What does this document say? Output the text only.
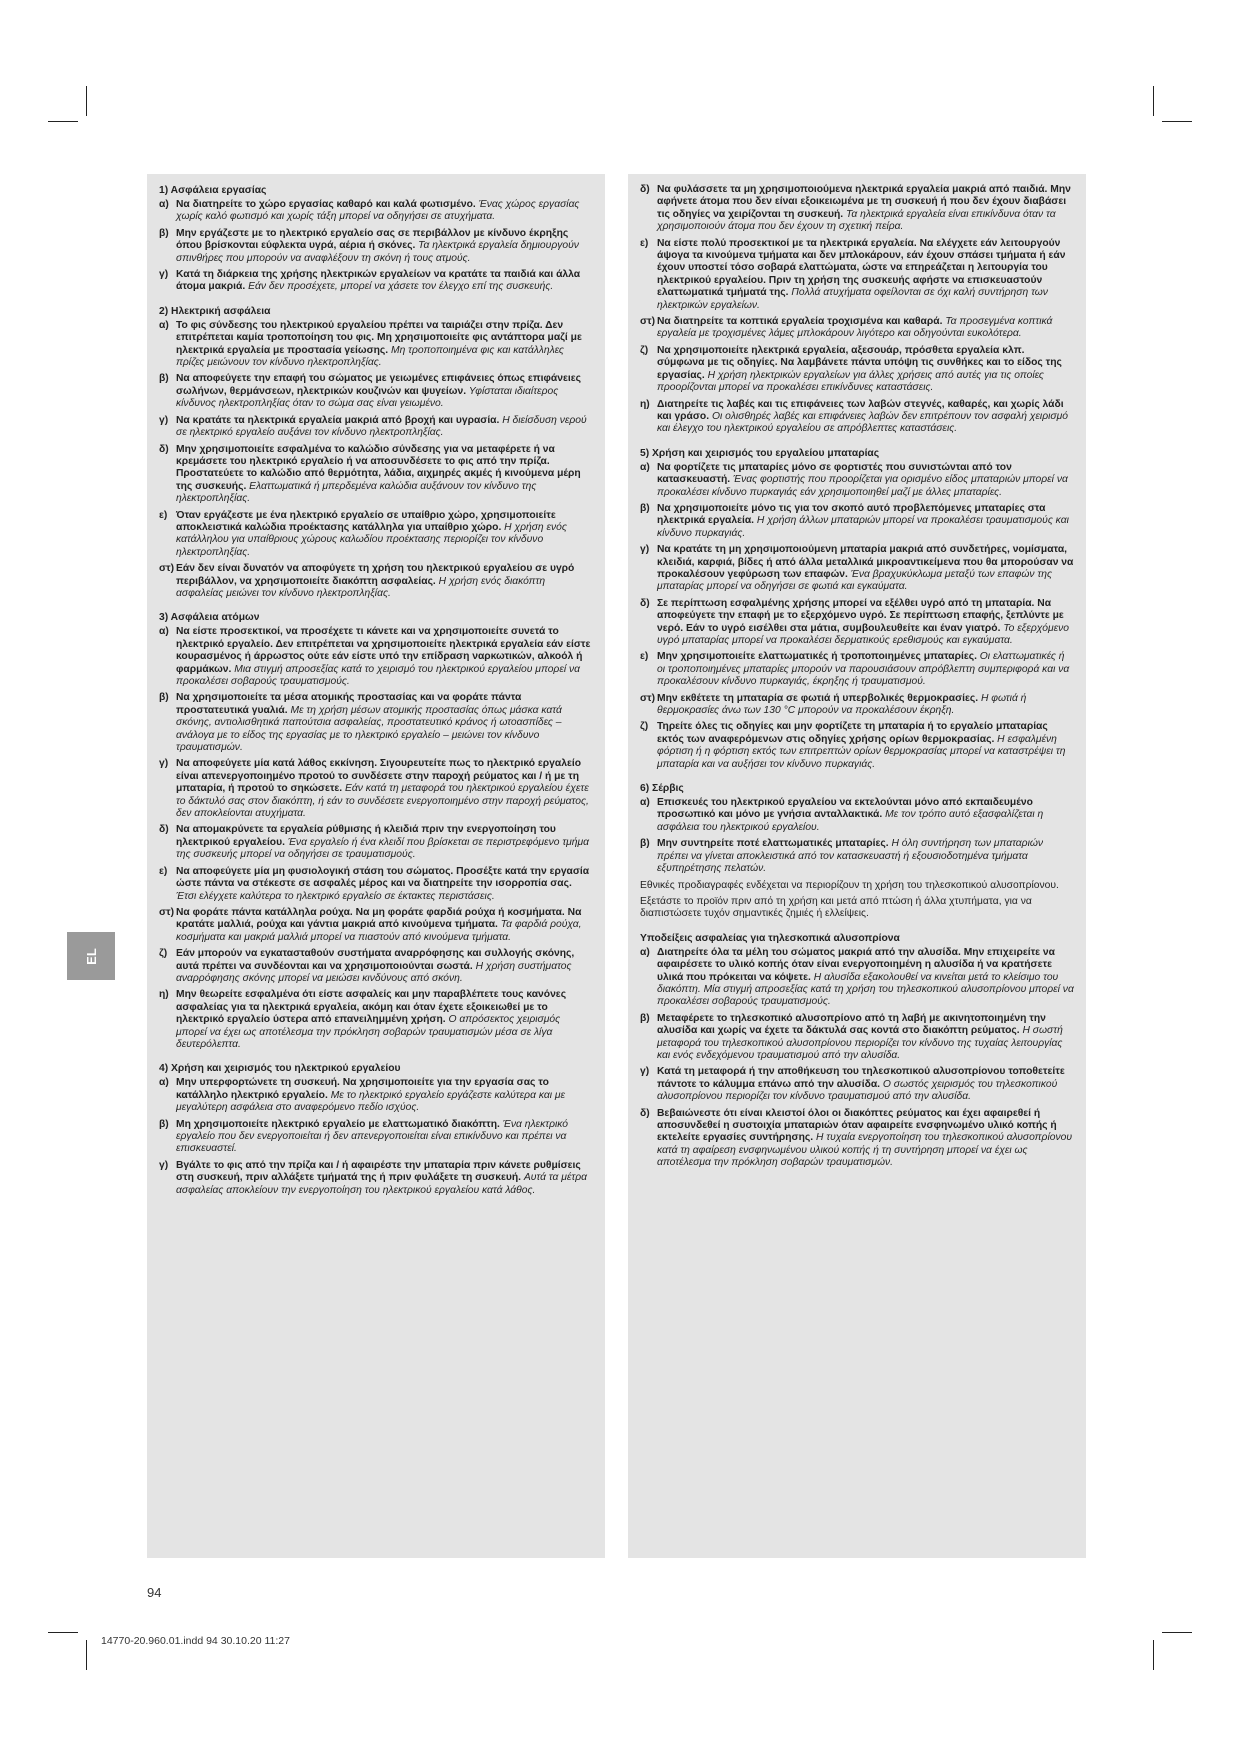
EL
1) Ασφάλεια εργασίας
α) Να διατηρείτε το χώρο εργασίας καθαρό και καλά φωτισμένο. Ένας χώρος εργασίας χωρίς καλό φωτισμό και χωρίς τάξη μπορεί να οδηγήσει σε ατυχήματα.
β) Μην εργάζεστε με το ηλεκτρικό εργαλείο σας σε περιβάλλον με κίνδυνο έκρηξης όπου βρίσκονται εύφλεκτα υγρά, αέρια ή σκόνες. Τα ηλεκτρικά εργαλεία δημιουργούν σπινθήρες που μπορούν να αναφλέξουν τη σκόνη ή τους ατμούς.
γ) Κατά τη διάρκεια της χρήσης ηλεκτρικών εργαλείων να κρατάτε τα παιδιά και άλλα άτομα μακριά. Εάν δεν προσέχετε, μπορεί να χάσετε τον έλεγχο επί της συσκευής.
2) Ηλεκτρική ασφάλεια
α) Το φις σύνδεσης του ηλεκτρικού εργαλείου πρέπει να ταιριάζει στην πρίζα. Δεν επιτρέπεται καμία τροποποίηση του φις. Μη χρησιμοποιείτε φις αντάπτορα μαζί με ηλεκτρικά εργαλεία με προστασία γείωσης. Μη τροποποιημένα φις και κατάλληλες πρίζες μειώνουν τον κίνδυνο ηλεκτροπληξίας.
β) Να αποφεύγετε την επαφή του σώματος με γειωμένες επιφάνειες όπως επιφάνειες σωλήνων, θερμάνσεων, ηλεκτρικών κουζινών και ψυγείων. Υφίσταται ιδιαίτερος κίνδυνος ηλεκτροπληξίας όταν το σώμα σας είναι γειωμένο.
γ) Να κρατάτε τα ηλεκτρικά εργαλεία μακριά από βροχή και υγρασία. Η διείσδυση νερού σε ηλεκτρικό εργαλείο αυξάνει τον κίνδυνο ηλεκτροπληξίας.
δ) Μην χρησιμοποιείτε εσφαλμένα το καλώδιο σύνδεσης για να μεταφέρετε ή να κρεμάσετε του ηλεκτρικό εργαλείο ή να αποσυνδέσετε το φις από την πρίζα. Προστατεύετε το καλώδιο από θερμότητα, λάδια, αιχμηρές ακμές ή κινούμενα μέρη της συσκευής. Ελαττωματικά ή μπερδεμένα καλώδια αυξάνουν τον κίνδυνο της ηλεκτροπληξίας.
ε) Όταν εργάζεστε με ένα ηλεκτρικό εργαλείο σε υπαίθριο χώρο, χρησιμοποιείτε αποκλειστικά καλώδια προέκτασης κατάλληλα για υπαίθριο χώρο. Η χρήση ενός κατάλληλου για υπαίθριους χώρους καλωδίου προέκτασης περιορίζει τον κίνδυνο ηλεκτροπληξίας.
στ) Εάν δεν είναι δυνατόν να αποφύγετε τη χρήση του ηλεκτρικού εργαλείου σε υγρό περιβάλλον, να χρησιμοποιείτε διακόπτη ασφαλείας. Η χρήση ενός διακόπτη ασφαλείας μειώνει τον κίνδυνο ηλεκτροπληξίας.
3) Ασφάλεια ατόμων
α) Να είστε προσεκτικοί, να προσέχετε τι κάνετε και να χρησιμοποιείτε συνετά το ηλεκτρικό εργαλείο. Δεν επιτρέπεται να χρησιμοποιείτε ηλεκτρικά εργαλεία εάν είστε κουρασμένος ή άρρωστος ούτε εάν είστε υπό την επίδραση ναρκωτικών, αλκοόλ ή φαρμάκων. Μια στιγμή απροσεξίας κατά το χειρισμό του ηλεκτρικού εργαλείου μπορεί να προκαλέσει σοβαρούς τραυματισμούς.
β) Να χρησιμοποιείτε τα μέσα ατομικής προστασίας και να φοράτε πάντα προστατευτικά γυαλιά. Με τη χρήση μέσων ατομικής προστασίας όπως μάσκα κατά σκόνης, αντιολισθητικά παπούτσια ασφαλείας, προστατευτικό κράνος ή ωτοασπίδες – ανάλογα με το είδος της εργασίας με το ηλεκτρικό εργαλείο – μειώνει τον κίνδυνο τραυματισμών.
γ) Να αποφεύγετε μία κατά λάθος εκκίνηση. Σιγουρευτείτε πως το ηλεκτρικό εργαλείο είναι απενεργοποιημένο προτού το συνδέσετε στην παροχή ρεύματος και / ή με τη μπαταρία, ή προτού το σηκώσετε. Εάν κατά τη μεταφορά του ηλεκτρικού εργαλείου έχετε το δάκτυλό σας στον διακόπτη, ή εάν το συνδέσετε ενεργοποιημένο στην παροχή ρεύματος, δεν αποκλείονται ατυχήματα.
δ) Να απομακρύνετε τα εργαλεία ρύθμισης ή κλειδιά πριν την ενεργοποίηση του ηλεκτρικού εργαλείου. Ένα εργαλείο ή ένα κλειδί που βρίσκεται σε περιστρεφόμενο τμήμα της συσκευής μπορεί να οδηγήσει σε τραυματισμούς.
ε) Να αποφεύγετε μία μη φυσιολογική στάση του σώματος. Προσέξτε κατά την εργασία ώστε πάντα να στέκεστε σε ασφαλές μέρος και να διατηρείτε την ισορροπία σας. Έτσι ελέγχετε καλύτερα το ηλεκτρικό εργαλείο σε έκτακτες περιστάσεις.
στ) Να φοράτε πάντα κατάλληλα ρούχα. Να μη φοράτε φαρδιά ρούχα ή κοσμήματα. Να κρατάτε μαλλιά, ρούχα και γάντια μακριά από κινούμενα τμήματα. Τα φαρδιά ρούχα, κοσμήματα και μακριά μαλλιά μπορεί να πιαστούν από κινούμενα τμήματα.
ζ) Εάν μπορούν να εγκατασταθούν συστήματα αναρρόφησης και συλλογής σκόνης, αυτά πρέπει να συνδέονται και να χρησιμοποιούνται σωστά. Η χρήση συστήματος αναρρόφησης σκόνης μπορεί να μειώσει κινδύνους από σκόνη.
η) Μην θεωρείτε εσφαλμένα ότι είστε ασφαλείς και μην παραβλέπετε τους κανόνες ασφαλείας για τα ηλεκτρικά εργαλεία, ακόμη και όταν έχετε εξοικειωθεί με το ηλεκτρικό εργαλείο ύστερα από επανειλημμένη χρήση. Ο απρόσεκτος χειρισμός μπορεί να έχει ως αποτέλεσμα την πρόκληση σοβαρών τραυματισμών μέσα σε λίγα δευτερόλεπτα.
4) Χρήση και χειρισμός του ηλεκτρικού εργαλείου
α) Μην υπερφορτώνετε τη συσκευή. Να χρησιμοποιείτε για την εργασία σας το κατάλληλο ηλεκτρικό εργαλείο. Με το ηλεκτρικό εργαλείο εργάζεστε καλύτερα και με μεγαλύτερη ασφάλεια στο αναφερόμενο πεδίο ισχύος.
β) Μη χρησιμοποιείτε ηλεκτρικό εργαλείο με ελαττωματικό διακόπτη. Ένα ηλεκτρικό εργαλείο που δεν ενεργοποιείται ή δεν απενεργοποιείται είναι επικίνδυνο και πρέπει να επισκευαστεί.
γ) Βγάλτε το φις από την πρίζα και / ή αφαιρέστε την μπαταρία πριν κάνετε ρυθμίσεις στη συσκευή, πριν αλλάξετε τμήματά της ή πριν φυλάξετε τη συσκευή. Αυτά τα μέτρα ασφαλείας αποκλείουν την ενεργοποίηση του ηλεκτρικού εργαλείου κατά λάθος.
δ) Να φυλάσσετε τα μη χρησιμοποιούμενα ηλεκτρικά εργαλεία μακριά από παιδιά. Μην αφήνετε άτομα που δεν είναι εξοικειωμένα με τη συσκευή ή που δεν έχουν διαβάσει τις οδηγίες να χειρίζονται τη συσκευή. Τα ηλεκτρικά εργαλεία είναι επικίνδυνα όταν τα χρησιμοποιούν άτομα που δεν έχουν τη σχετική πείρα.
ε) Να είστε πολύ προσεκτικοί με τα ηλεκτρικά εργαλεία. Να ελέγχετε εάν λειτουργούν άψογα τα κινούμενα τμήματα και δεν μπλοκάρουν, εάν έχουν σπάσει τμήματα ή εάν έχουν υποστεί τόσο σοβαρά ελαττώματα, ώστε να επηρεάζεται η λειτουργία του ηλεκτρικού εργαλείου. Πριν τη χρήση της συσκευής αφήστε να επισκευαστούν ελαττωματικά τμήματά της. Πολλά ατυχήματα οφείλονται σε όχι καλή συντήρηση των ηλεκτρικών εργαλείων.
στ) Να διατηρείτε τα κοπτικά εργαλεία τροχισμένα και καθαρά. Τα προσεγμένα κοπτικά εργαλεία με τροχισμένες λάμες μπλοκάρουν λιγότερο και οδηγούνται ευκολότερα.
ζ) Να χρησιμοποιείτε ηλεκτρικά εργαλεία, αξεσουάρ, πρόσθετα εργαλεία κλπ. σύμφωνα με τις οδηγίες. Να λαμβάνετε πάντα υπόψη τις συνθήκες και το είδος της εργασίας. Η χρήση ηλεκτρικών εργαλείων για άλλες χρήσεις από αυτές για τις οποίες προορίζονται μπορεί να προκαλέσει επικίνδυνες καταστάσεις.
η) Διατηρείτε τις λαβές και τις επιφάνειες των λαβών στεγνές, καθαρές, και χωρίς λάδι και γράσο. Οι ολισθηρές λαβές και επιφάνειες λαβών δεν επιτρέπουν τον ασφαλή χειρισμό και έλεγχο του ηλεκτρικού εργαλείου σε απρόβλεπτες καταστάσεις.
5) Χρήση και χειρισμός του εργαλείου μπαταρίας
α) Να φορτίζετε τις μπαταρίες μόνο σε φορτιστές που συνιστώνται από τον κατασκευαστή. Ένας φορτιστής που προορίζεται για ορισμένο είδος μπαταριών μπορεί να προκαλέσει κίνδυνο πυρκαγιάς εάν χρησιμοποιηθεί μαζί με άλλες μπαταρίες.
β) Να χρησιμοποιείτε μόνο τις για τον σκοπό αυτό προβλεπόμενες μπαταρίες στα ηλεκτρικά εργαλεία. Η χρήση άλλων μπαταριών μπορεί να προκαλέσει τραυματισμούς και κίνδυνο πυρκαγιάς.
γ) Να κρατάτε τη μη χρησιμοποιούμενη μπαταρία μακριά από συνδετήρες, νομίσματα, κλειδιά, καρφιά, βίδες ή από άλλα μεταλλικά μικροαντικείμενα που θα μπορούσαν να προκαλέσουν γεφύρωση των επαφών. Ένα βραχυκύκλωμα μεταξύ των επαφών της μπαταρίας μπορεί να οδηγήσει σε φωτιά και εγκαύματα.
δ) Σε περίπτωση εσφαλμένης χρήσης μπορεί να εξέλθει υγρό από τη μπαταρία. Να αποφεύγετε την επαφή με το εξερχόμενο υγρό. Σε περίπτωση επαφής, ξεπλύντε με νερό. Εάν το υγρό εισέλθει στα μάτια, συμβουλευθείτε και έναν γιατρό. Το εξερχόμενο υγρό μπαταρίας μπορεί να προκαλέσει δερματικούς ερεθισμούς και εγκαύματα.
ε) Μην χρησιμοποιείτε ελαττωματικές ή τροποποιημένες μπαταρίες. Οι ελαττωματικές ή οι τροποποιημένες μπαταρίες μπορούν να παρουσιάσουν απρόβλεπτη συμπεριφορά και να προκαλέσουν κίνδυνο πυρκαγιάς, έκρηξης ή τραυματισμού.
στ) Μην εκθέτετε τη μπαταρία σε φωτιά ή υπερβολικές θερμοκρασίες. Η φωτιά ή θερμοκρασίες άνω των 130 °C μπορούν να προκαλέσουν έκρηξη.
ζ) Τηρείτε όλες τις οδηγίες και μην φορτίζετε τη μπαταρία ή το εργαλείο μπαταρίας εκτός των αναφερόμενων στις οδηγίες χρήσης ορίων θερμοκρασίας. Η εσφαλμένη φόρτιση ή η φόρτιση εκτός των επιτρεπτών ορίων θερμοκρασίας μπορεί να καταστρέψει τη μπαταρία και να αυξήσει τον κίνδυνο πυρκαγιάς.
6) Σέρβις
α) Επισκευές του ηλεκτρικού εργαλείου να εκτελούνται μόνο από εκπαιδευμένο προσωπικό και μόνο με γνήσια ανταλλακτικά. Με τον τρόπο αυτό εξασφαλίζεται η ασφάλεια του ηλεκτρικού εργαλείου.
β) Μην συντηρείτε ποτέ ελαττωματικές μπαταρίες. Η όλη συντήρηση των μπαταριών πρέπει να γίνεται αποκλειστικά από τον κατασκευαστή ή εξουσιοδοτημένα τμήματα εξυπηρέτησης πελατών.
Εθνικές προδιαγραφές ενδέχεται να περιορίζουν τη χρήση του τηλεσκοπικού αλυσοπρίονου.
Εξετάστε το προϊόν πριν από τη χρήση και μετά από πτώση ή άλλα χτυπήματα, για να διαπιστώσετε τυχόν σημαντικές ζημιές ή ελλείψεις.
Υποδείξεις ασφαλείας για τηλεσκοπικά αλυσοπρίονα
α) Διατηρείτε όλα τα μέλη του σώματος μακριά από την αλυσίδα. Μην επιχειρείτε να αφαιρέσετε το υλικό κοπής όταν είναι ενεργοποιημένη η αλυσίδα ή να κρατήσετε υλικά που πρόκειται να κόψετε. Η αλυσίδα εξακολουθεί να κινείται μετά το κλείσιμο του διακόπτη. Μία στιγμή απροσεξίας κατά τη χρήση του τηλεσκοπικού αλυσοπρίονου μπορεί να προκαλέσει σοβαρούς τραυματισμούς.
β) Μεταφέρετε το τηλεσκοπικό αλυσοπρίονο από τη λαβή με ακινητοποιημένη την αλυσίδα και χωρίς να έχετε τα δάκτυλά σας κοντά στο διακόπτη ρεύματος. Η σωστή μεταφορά του τηλεσκοπικού αλυσοπρίονου περιορίζει τον κίνδυνο της τυχαίας λειτουργίας και ενός ενδεχόμενου τραυματισμού από την αλυσίδα.
γ) Κατά τη μεταφορά ή την αποθήκευση του τηλεσκοπικού αλυσοπρίονου τοποθετείτε πάντοτε το κάλυμμα επάνω από την αλυσίδα. Ο σωστός χειρισμός του τηλεσκοπικού αλυσοπρίονου περιορίζει τον κίνδυνο τραυματισμού από την αλυσίδα.
δ) Βεβαιώνεστε ότι είναι κλειστοί όλοι οι διακόπτες ρεύματος και έχει αφαιρεθεί ή αποσυνδεθεί η συστοιχία μπαταριών όταν αφαιρείτε ενσφηνωμένο υλικό κοπής ή εκτελείτε εργασίες συντήρησης. Η τυχαία ενεργοποίηση του τηλεσκοπικού αλυσοπρίονου κατά τη αφαίρεση ενσφηνωμένου υλικού κοπής ή τη συντήρηση μπορεί να έχει ως αποτέλεσμα την πρόκληση σοβαρών τραυματισμών.
94
14770-20.960.01.indd 94 30.10.20 11:27
